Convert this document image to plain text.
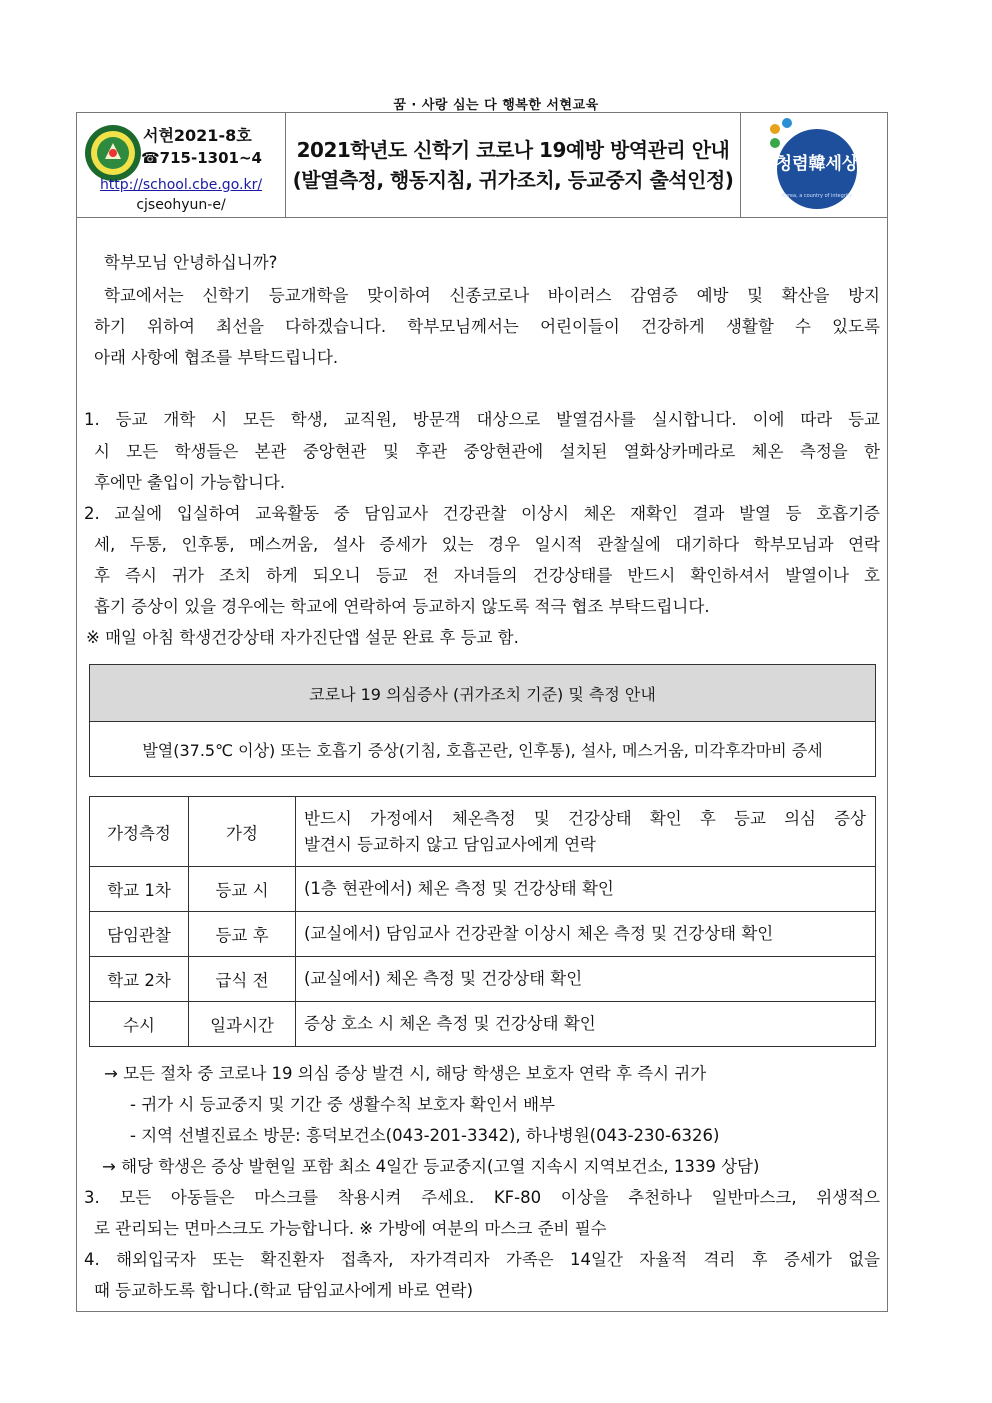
꿈 · 사랑 심는 다 행복한 서현교육
서현2021-8호
☎715-1301~4
http://school.cbe.go.kr/
cjseohyun-e/
2021학년도 신학기 코로나 19예방 방역관리 안내
(발열측정, 행동지침, 귀가조치, 등교중지 출석인정)
청렴韓세상
Korea, a country of integrity
학부모님 안녕하십니까?
학교에서는 신학기 등교개학을 맞이하여 신종코로나 바이러스 감염증 예방 및 확산을 방지
하기 위하여 최선을 다하겠습니다. 학부모님께서는 어린이들이 건강하게 생활할 수 있도록
아래 사항에 협조를 부탁드립니다.
1. 등교 개학 시 모든 학생, 교직원, 방문객 대상으로 발열검사를 실시합니다. 이에 따라 등교
시 모든 학생들은 본관 중앙현관 및 후관 중앙현관에 설치된 열화상카메라로 체온 측정을 한
후에만 출입이 가능합니다.
2. 교실에 입실하여 교육활동 중 담임교사 건강관찰 이상시 체온 재확인 결과 발열 등 호흡기증
세, 두통, 인후통, 메스꺼움, 설사 증세가 있는 경우 일시적 관찰실에 대기하다 학부모님과 연락
후 즉시 귀가 조치 하게 되오니 등교 전 자녀들의 건강상태를 반드시 확인하셔서 발열이나 호
흡기 증상이 있을 경우에는 학교에 연락하여 등교하지 않도록 적극 협조 부탁드립니다.
※ 매일 아침 학생건강상태 자가진단앱 설문 완료 후 등교 함.
코로나 19 의심증사 (귀가조치 기준) 및 측정 안내
발열(37.5℃ 이상) 또는 호흡기 증상(기침, 호흡곤란, 인후통), 설사, 메스거움, 미각후각마비 증세
가정측정	가정	반드시 가정에서 체온측정 및 건강상태 확인 후 등교 의심 증상
발견시 등교하지 않고 담임교사에게 연락

학교 1차	등교 시	(1층 현관에서) 체온 측정 및 건강상태 확인
담임관찰	등교 후	(교실에서) 담임교사 건강관찰 이상시 체온 측정 및 건강상태 확인
학교 2차	급식 전	(교실에서) 체온 측정 및 건강상태 확인
수시	일과시간	증상 호소 시 체온 측정 및 건강상태 확인
→ 모든 절차 중 코로나 19 의심 증상 발견 시, 해당 학생은 보호자 연락 후 즉시 귀가
- 귀가 시 등교중지 및 기간 중 생활수칙 보호자 확인서 배부
- 지역 선별진료소 방문: 흥덕보건소(043-201-3342), 하나병원(043-230-6326)
→ 해당 학생은 증상 발현일 포함 최소 4일간 등교중지(고열 지속시 지역보건소, 1339 상담)
3. 모든 아동들은 마스크를 착용시켜 주세요. KF-80 이상을 추천하나 일반마스크, 위생적으
로 관리되는 면마스크도 가능합니다. ※ 가방에 여분의 마스크 준비 필수
4. 해외입국자 또는 확진환자 접촉자, 자가격리자 가족은 14일간 자율적 격리 후 증세가 없을
때 등교하도록 합니다.(학교 담임교사에게 바로 연락)
